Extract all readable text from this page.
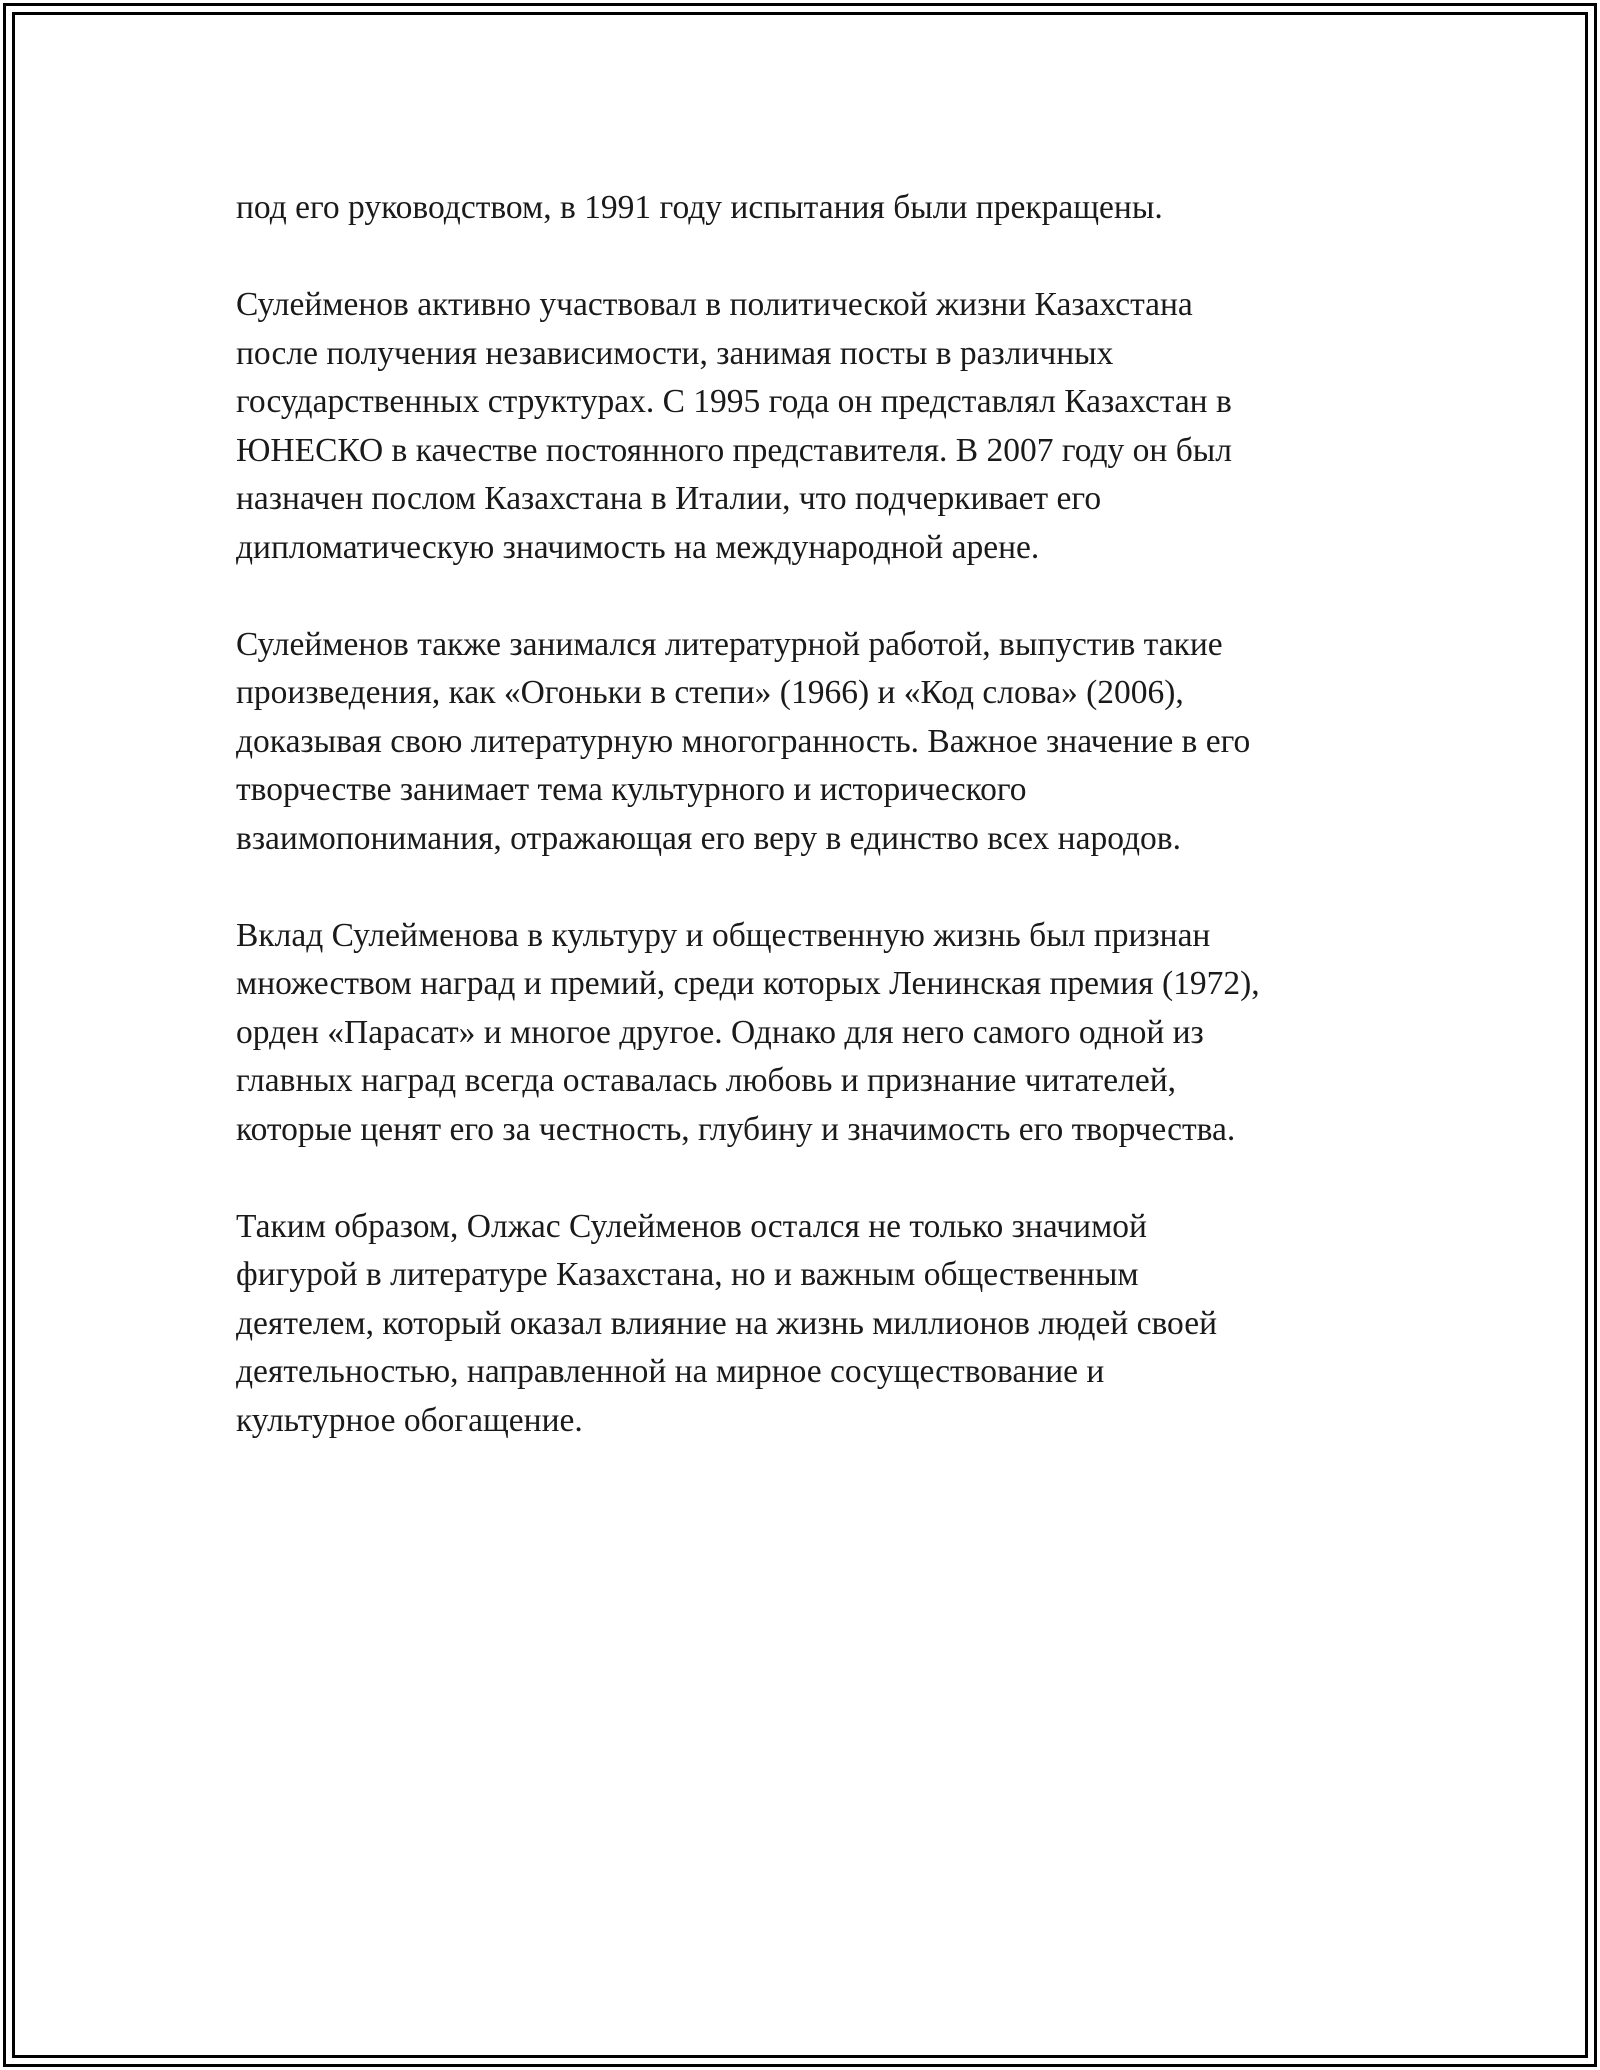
под его руководством, в 1991 году испытания были прекращены.

Сулейменов активно участвовал в политической жизни Казахстана
после получения независимости, занимая посты в различных
государственных структурах. С 1995 года он представлял Казахстан в
ЮНЕСКО в качестве постоянного представителя. В 2007 году он был
назначен послом Казахстана в Италии, что подчеркивает его
дипломатическую значимость на международной арене.

Сулейменов также занимался литературной работой, выпустив такие
произведения, как «Огоньки в степи» (1966) и «Код слова» (2006),
доказывая свою литературную многогранность. Важное значение в его
творчестве занимает тема культурного и исторического
взаимопонимания, отражающая его веру в единство всех народов.

Вклад Сулейменова в культуру и общественную жизнь был признан
множеством наград и премий, среди которых Ленинская премия (1972),
орден «Парасат» и многое другое. Однако для него самого одной из
главных наград всегда оставалась любовь и признание читателей,
которые ценят его за честность, глубину и значимость его творчества.

Таким образом, Олжас Сулейменов остался не только значимой
фигурой в литературе Казахстана, но и важным общественным
деятелем, который оказал влияние на жизнь миллионов людей своей
деятельностью, направленной на мирное сосуществование и
культурное обогащение.
